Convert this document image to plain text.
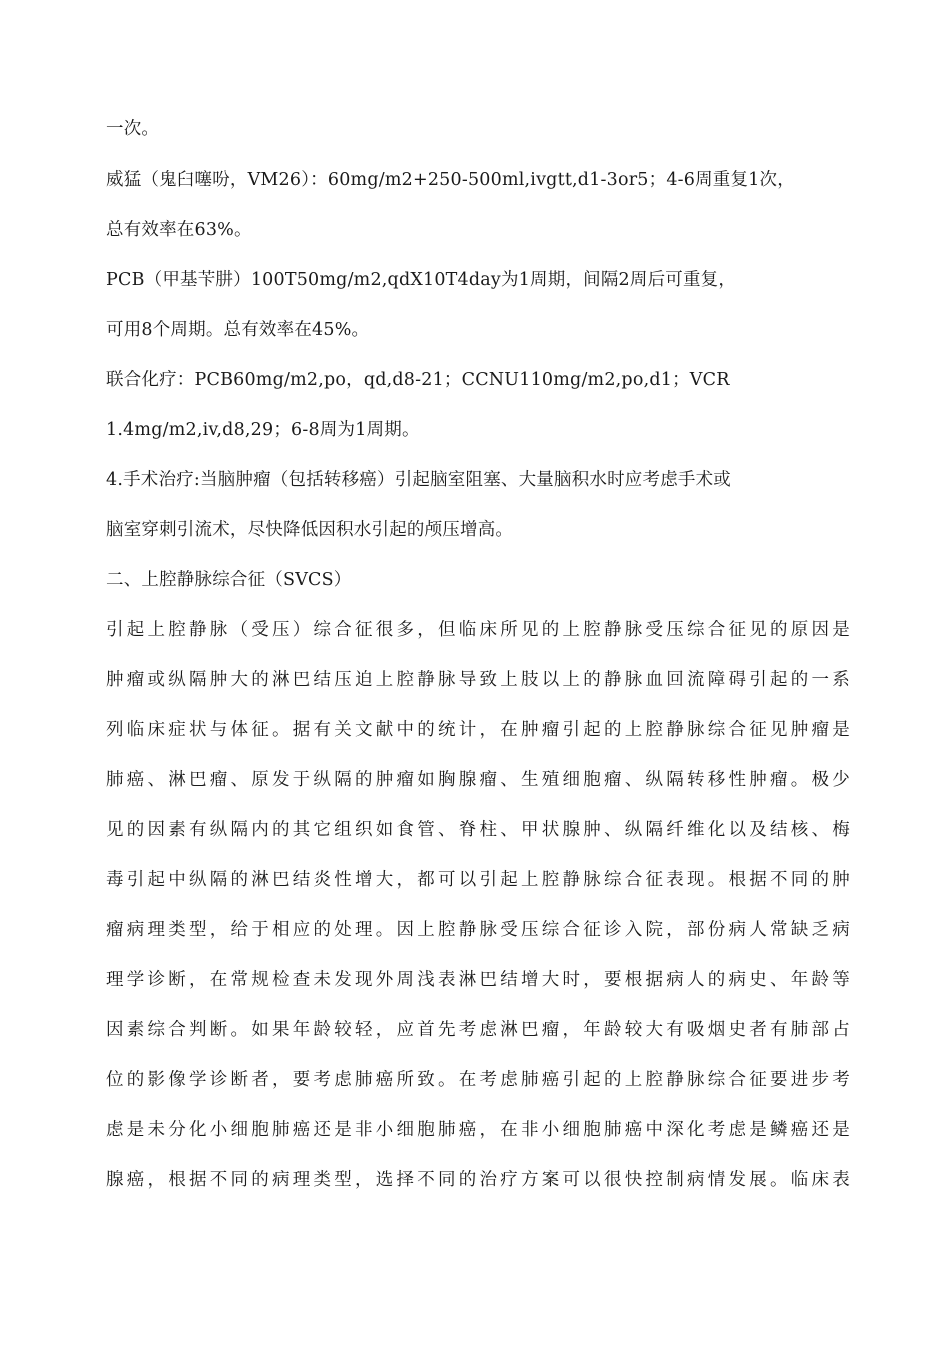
一次。
威猛（鬼臼噻吩，VM26）：60mg/m2+250-500ml,ivgtt,d1-3or5；4-6周重复1次，
总有效率在63%。
PCB（甲基苄肼）100T50mg/m2,qdX10T4day为1周期，间隔2周后可重复，
可用8个周期。总有效率在45%。
联合化疗：PCB60mg/m2,po，qd,d8-21；CCNU110mg/m2,po,d1；VCR
1.4mg/m2,iv,d8,29；6-8周为1周期。
4.手术治疗:当脑肿瘤（包括转移癌）引起脑室阻塞、大量脑积水时应考虑手术或
脑室穿刺引流术，尽快降低因积水引起的颅压增高。
二、上腔静脉综合征（SVCS）
引起上腔静脉（受压）综合征很多，但临床所见的上腔静脉受压综合征见的原因是
肿瘤或纵隔肿大的淋巴结压迫上腔静脉导致上肢以上的静脉血回流障碍引起的一系
列临床症状与体征。据有关文献中的统计，在肿瘤引起的上腔静脉综合征见肿瘤是
肺癌、淋巴瘤、原发于纵隔的肿瘤如胸腺瘤、生殖细胞瘤、纵隔转移性肿瘤。极少
见的因素有纵隔内的其它组织如食管、脊柱、甲状腺肿、纵隔纤维化以及结核、梅
毒引起中纵隔的淋巴结炎性增大，都可以引起上腔静脉综合征表现。根据不同的肿
瘤病理类型，给于相应的处理。因上腔静脉受压综合征诊入院，部份病人常缺乏病
理学诊断，在常规检查未发现外周浅表淋巴结增大时，要根据病人的病史、年龄等
因素综合判断。如果年龄较轻，应首先考虑淋巴瘤，年龄较大有吸烟史者有肺部占
位的影像学诊断者，要考虑肺癌所致。在考虑肺癌引起的上腔静脉综合征要进步考
虑是未分化小细胞肺癌还是非小细胞肺癌，在非小细胞肺癌中深化考虑是鳞癌还是
腺癌，根据不同的病理类型，选择不同的治疗方案可以很快控制病情发展。临床表
